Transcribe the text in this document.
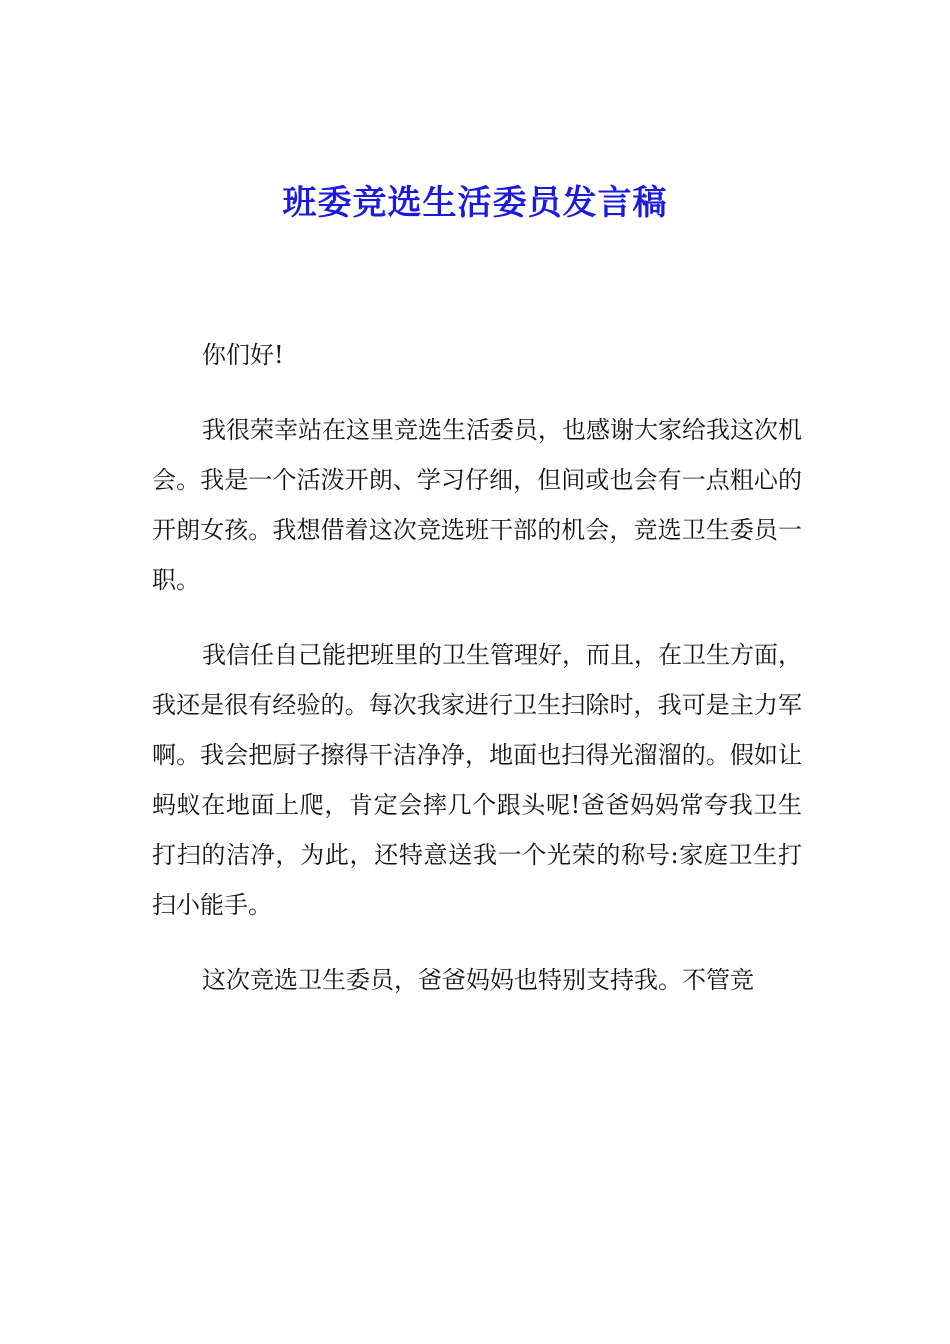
班委竞选生活委员发言稿

你们好!

我很荣幸站在这里竞选生活委员，也感谢大家给我这次机会。我是一个活泼开朗、学习仔细，但间或也会有一点粗心的开朗女孩。我想借着这次竞选班干部的机会，竞选卫生委员一职。

我信任自己能把班里的卫生管理好，而且，在卫生方面，我还是很有经验的。每次我家进行卫生扫除时，我可是主力军啊。我会把厨子擦得干洁净净，地面也扫得光溜溜的。假如让蚂蚁在地面上爬，肯定会摔几个跟头呢!爸爸妈妈常夸我卫生打扫的洁净，为此，还特意送我一个光荣的称号:家庭卫生打扫小能手。

这次竞选卫生委员，爸爸妈妈也特别支持我。不管竞
